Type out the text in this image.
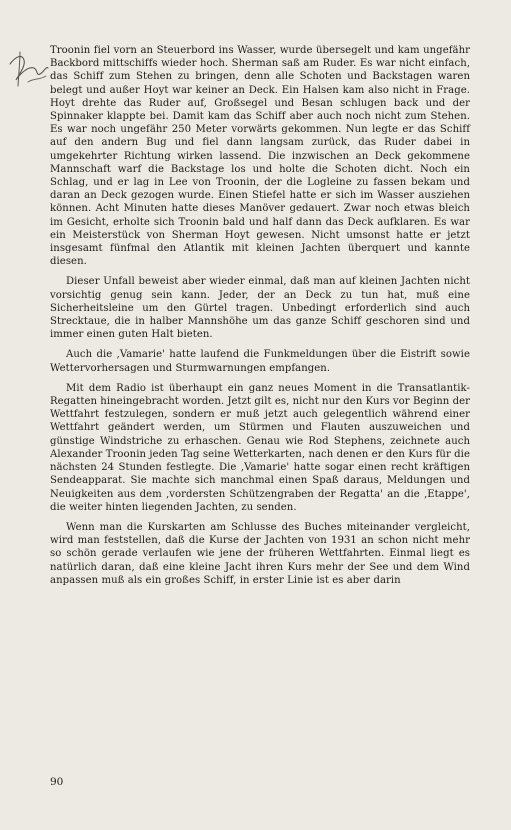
Troonin fiel vorn an Steuerbord ins Wasser, wurde übersegelt und kam ungefähr Backbord mittschiffs wieder hoch. Sherman saß am Ruder. Es war nicht einfach, das Schiff zum Stehen zu bringen, denn alle Schoten und Backstagen waren belegt und außer Hoyt war keiner an Deck. Ein Halsen kam also nicht in Frage. Hoyt drehte das Ruder auf, Großsegel und Besan schlugen back und der Spinnaker klappte bei. Damit kam das Schiff aber auch noch nicht zum Stehen. Es war noch ungefähr 250 Meter vorwärts gekommen. Nun legte er das Schiff auf den andern Bug und fiel dann langsam zurück, das Ruder dabei in umgekehrter Richtung wirken lassend. Die inzwischen an Deck gekommene Mannschaft warf die Backstage los und holte die Schoten dicht. Noch ein Schlag, und er lag in Lee von Troonin, der die Logleine zu fassen bekam und daran an Deck gezogen wurde. Einen Stiefel hatte er sich im Wasser ausziehen können. Acht Minuten hatte dieses Manöver gedauert. Zwar noch etwas bleich im Gesicht, erholte sich Troonin bald und half dann das Deck aufklaren. Es war ein Meisterstück von Sherman Hoyt gewesen. Nicht umsonst hatte er jetzt insgesamt fünfmal den Atlantik mit kleinen Jachten überquert und kannte diesen.

Dieser Unfall beweist aber wieder einmal, daß man auf kleinen Jachten nicht vorsichtig genug sein kann. Jeder, der an Deck zu tun hat, muß eine Sicherheitsleine um den Gürtel tragen. Unbedingt erforderlich sind auch Strecktaue, die in halber Mannshöhe um das ganze Schiff geschoren sind und immer einen guten Halt bieten.

Auch die ‚Vamarie' hatte laufend die Funkmeldungen über die Eistrift sowie Wettervorhersagen und Sturmwarnungen empfangen.

Mit dem Radio ist überhaupt ein ganz neues Moment in die Transatlantik-Regatten hineingebracht worden. Jetzt gilt es, nicht nur den Kurs vor Beginn der Wettfahrt festzulegen, sondern er muß jetzt auch gelegentlich während einer Wettfahrt geändert werden, um Stürmen und Flauten auszuweichen und günstige Windstriche zu erhaschen. Genau wie Rod Stephens, zeichnete auch Alexander Troonin jeden Tag seine Wetterkarten, nach denen er den Kurs für die nächsten 24 Stunden festlegte. Die ‚Vamarie' hatte sogar einen recht kräftigen Sendeapparat. Sie machte sich manchmal einen Spaß daraus, Meldungen und Neuigkeiten aus dem ‚vordersten Schützengraben der Regatta' an die ‚Etappe', die weiter hinten liegenden Jachten, zu senden.

Wenn man die Kurskarten am Schlusse des Buches miteinander vergleicht, wird man feststellen, daß die Kurse der Jachten von 1931 an schon nicht mehr so schön gerade verlaufen wie jene der früheren Wettfahrten. Einmal liegt es natürlich daran, daß eine kleine Jacht ihren Kurs mehr der See und dem Wind anpassen muß als ein großes Schiff, in erster Linie ist es aber darin

90
